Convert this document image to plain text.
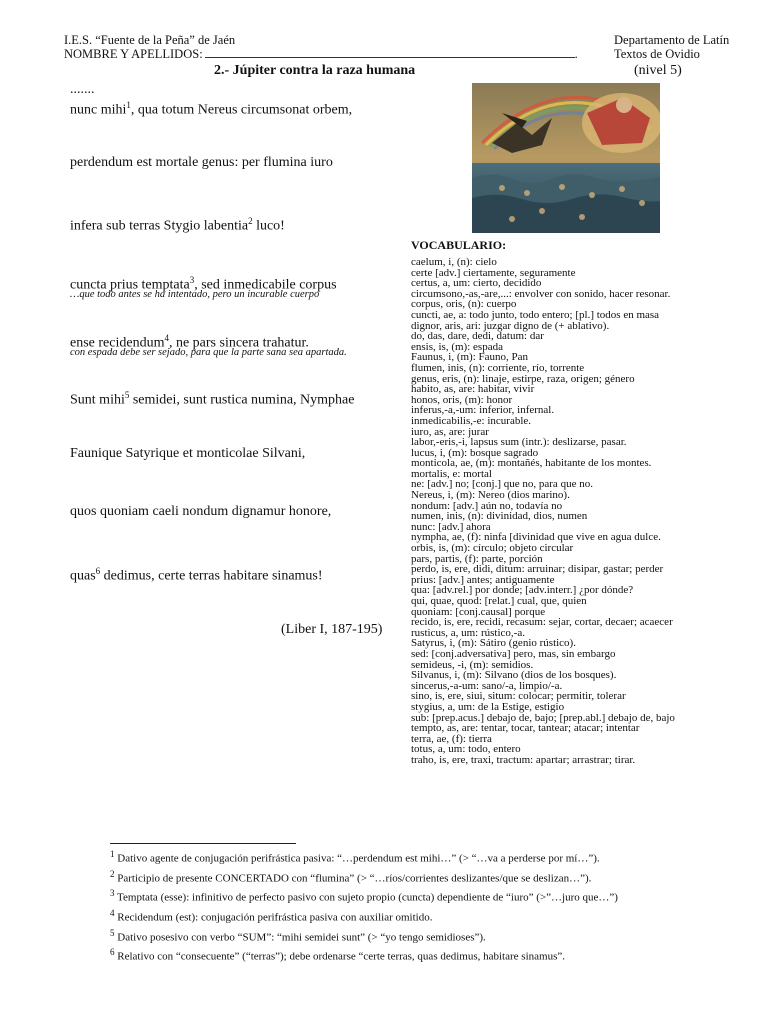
I.E.S. “Fuente de la Peña” de Jaén
NOMBRE Y APELLIDOS:	.
Departamento de Latín
Textos de Ovidio
2.- Júpiter contra la raza humana	(nivel 5)
.......
nunc mihi$^1$, qua totum Nereus circumsonat orbem,
perdendum est mortale genus: per flumina iuro
infera sub terras Stygio labentia$^2$ luco!
cuncta prius temptata$^3$, sed inmedicabile corpus
…que todo antes se ha intentado, pero un incurable cuerpo
ense recidendum$^4$, ne pars sincera trahatur.
con espada debe ser sejado, para que la parte sana sea apartada.
Sunt mihi$^5$ semidei, sunt rustica numina, Nymphae
Faunique Satyrique et monticolae Silvani,
quos quoniam caeli nondum dignamur honore,
quas$^6$ dedimus, certe terras habitare sinamus!
(Liber I, 187-195)
VOCABULARIO:
caelum, i, (n): cielo
certe [adv.] ciertamente, seguramente
certus, a, um: cierto, decidido
circumsono,-as,-are,...: envolver con sonido, hacer resonar.
corpus, oris, (n): cuerpo
cuncti, ae, a: todo junto, todo entero; [pl.] todos en masa
dignor, aris, ari: juzgar digno de (+ ablativo).
do, das, dare, dedi, datum: dar
ensis, is, (m): espada
Faunus, i, (m): Fauno, Pan
flumen, inis, (n): corriente, río, torrente
genus, eris, (n): linaje, estirpe, raza, origen; género
habito, as, are: habitar, vivir
honos, oris, (m): honor
inferus,-a,-um: inferior, infernal.
inmedicabilis,-e: incurable.
iuro, as, are: jurar
labor,-eris,-i, lapsus sum (intr.): deslizarse, pasar.
lucus, i, (m): bosque sagrado
monticola, ae, (m): montañés, habitante de los montes.
mortalis, e: mortal
ne: [adv.] no; [conj.] que no, para que no.
Nereus, i, (m): Nereo (dios marino).
nondum: [adv.] aún no, todavía no
numen, inis, (n): divinidad, dios, numen
nunc: [adv.] ahora
nympha, ae, (f): ninfa [divinidad que vive en agua dulce.
orbis, is, (m): círculo; objeto circular
pars, partis, (f): parte, porción
perdo, is, ere, didi, ditum: arruinar; disipar, gastar; perder
prius: [adv.] antes; antiguamente
qua: [adv.rel.] por donde; [adv.interr.] ¿por dónde?
qui, quae, quod: [relat.] cual, que, quien
quoniam: [conj.causal] porque
recido, is, ere, recidi, recasum: sejar, cortar, decaer; acaecer
rusticus, a, um: rústico,-a.
Satyrus, i, (m): Sátiro (genio rústico).
sed: [conj.adversativa] pero, mas, sin embargo
semideus, -i, (m): semidios.
Silvanus, i, (m): Silvano (dios de los bosques).
sincerus,-a-um: sano/-a, limpio/-a.
sino, is, ere, siui, situm: colocar; permitir, tolerar
stygius, a, um: de la Estige, estigio
sub: [prep.acus.] debajo de, bajo; [prep.abl.] debajo de, bajo
tempto, as, are: tentar, tocar, tantear; atacar; intentar
terra, ae, (f): tierra
totus, a, um: todo, entero
traho, is, ere, traxi, tractum: apartar; arrastrar; tirar.
$^1$ Dativo agente de conjugación perifrástica pasiva: “…perdendum est mihi…” (> “…va a perderse por mí…”).
$^2$ Participio de presente CONCERTADO con “flumina” (> “…ríos/corrientes deslizantes/que se deslizan…”).
$^3$ Temptata (esse): infinitivo de perfecto pasivo con sujeto propio (cuncta) dependiente de “iuro” (>”…juro que…”)
$^4$ Recidendum (est): conjugación perifrástica pasiva con auxiliar omitido.
$^5$ Dativo posesivo con verbo “SUM”: “mihi semidei sunt” (> “yo tengo semidioses”).
$^6$ Relativo con “consecuente” (“terras”); debe ordenarse “certe terras, quas dedimus, habitare sinamus”.
